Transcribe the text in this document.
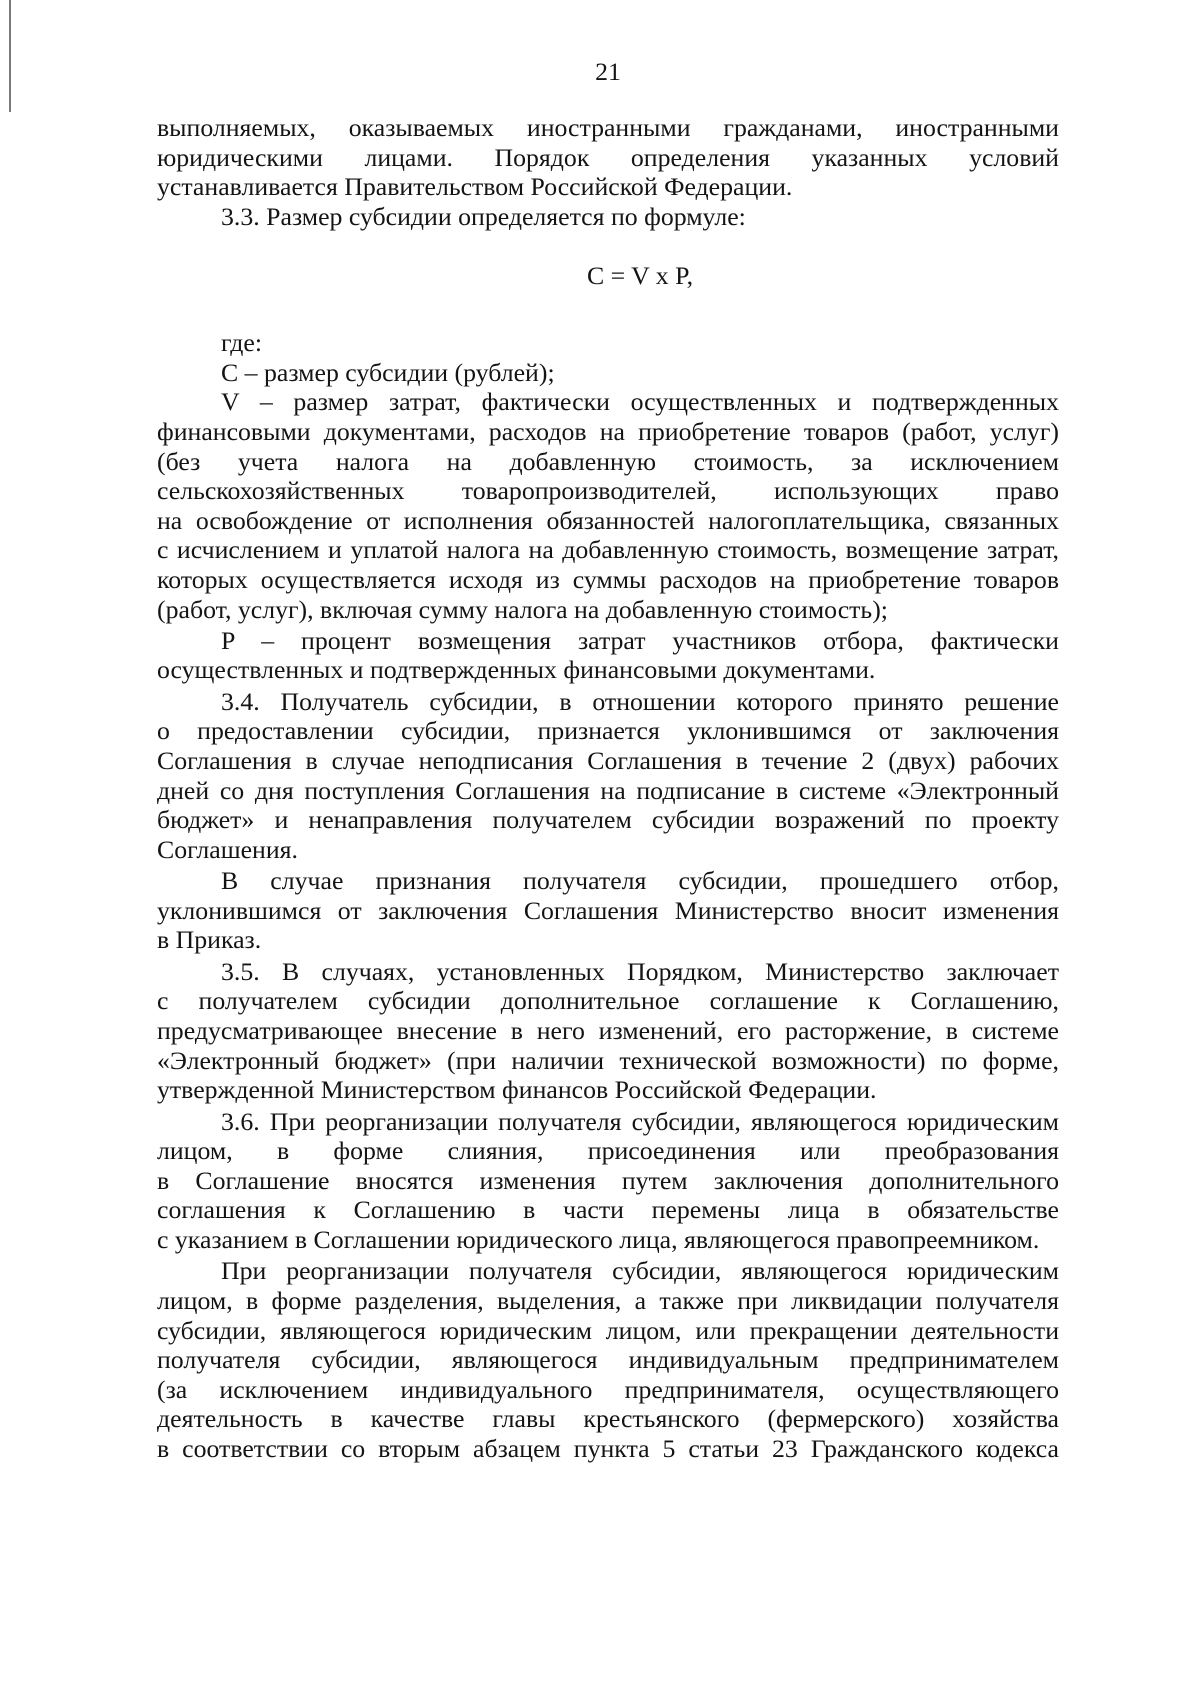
21
выполняемых, оказываемых иностранными гражданами, иностранными
юридическими лицами. Порядок определения указанных условий
устанавливается Правительством Российской Федерации.
3.3. Размер субсидии определяется по формуле:
C = V x P,
где:
C – размер субсидии (рублей);
V – размер затрат, фактически осуществленных и подтвержденных
финансовыми документами, расходов на приобретение товаров (работ, услуг)
(без учета налога на добавленную стоимость, за исключением
сельскохозяйственных товаропроизводителей, использующих право
на освобождение от исполнения обязанностей налогоплательщика, связанных
с исчислением и уплатой налога на добавленную стоимость, возмещение затрат,
которых осуществляется исходя из суммы расходов на приобретение товаров
(работ, услуг), включая сумму налога на добавленную стоимость);
P – процент возмещения затрат участников отбора, фактически
осуществленных и подтвержденных финансовыми документами.
3.4. Получатель субсидии, в отношении которого принято решение
о предоставлении субсидии, признается уклонившимся от заключения
Соглашения в случае неподписания Соглашения в течение 2 (двух) рабочих
дней со дня поступления Соглашения на подписание в системе «Электронный
бюджет» и ненаправления получателем субсидии возражений по проекту
Соглашения.
В случае признания получателя субсидии, прошедшего отбор,
уклонившимся от заключения Соглашения Министерство вносит изменения
в Приказ.
3.5. В случаях, установленных Порядком, Министерство заключает
с получателем субсидии дополнительное соглашение к Соглашению,
предусматривающее внесение в него изменений, его расторжение, в системе
«Электронный бюджет» (при наличии технической возможности) по форме,
утвержденной Министерством финансов Российской Федерации.
3.6. При реорганизации получателя субсидии, являющегося юридическим
лицом, в форме слияния, присоединения или преобразования
в Соглашение вносятся изменения путем заключения дополнительного
соглашения к Соглашению в части перемены лица в обязательстве
с указанием в Соглашении юридического лица, являющегося правопреемником.
При реорганизации получателя субсидии, являющегося юридическим
лицом, в форме разделения, выделения, а также при ликвидации получателя
субсидии, являющегося юридическим лицом, или прекращении деятельности
получателя субсидии, являющегося индивидуальным предпринимателем
(за исключением индивидуального предпринимателя, осуществляющего
деятельность в качестве главы крестьянского (фермерского) хозяйства
в соответствии со вторым абзацем пункта 5 статьи 23 Гражданского кодекса
